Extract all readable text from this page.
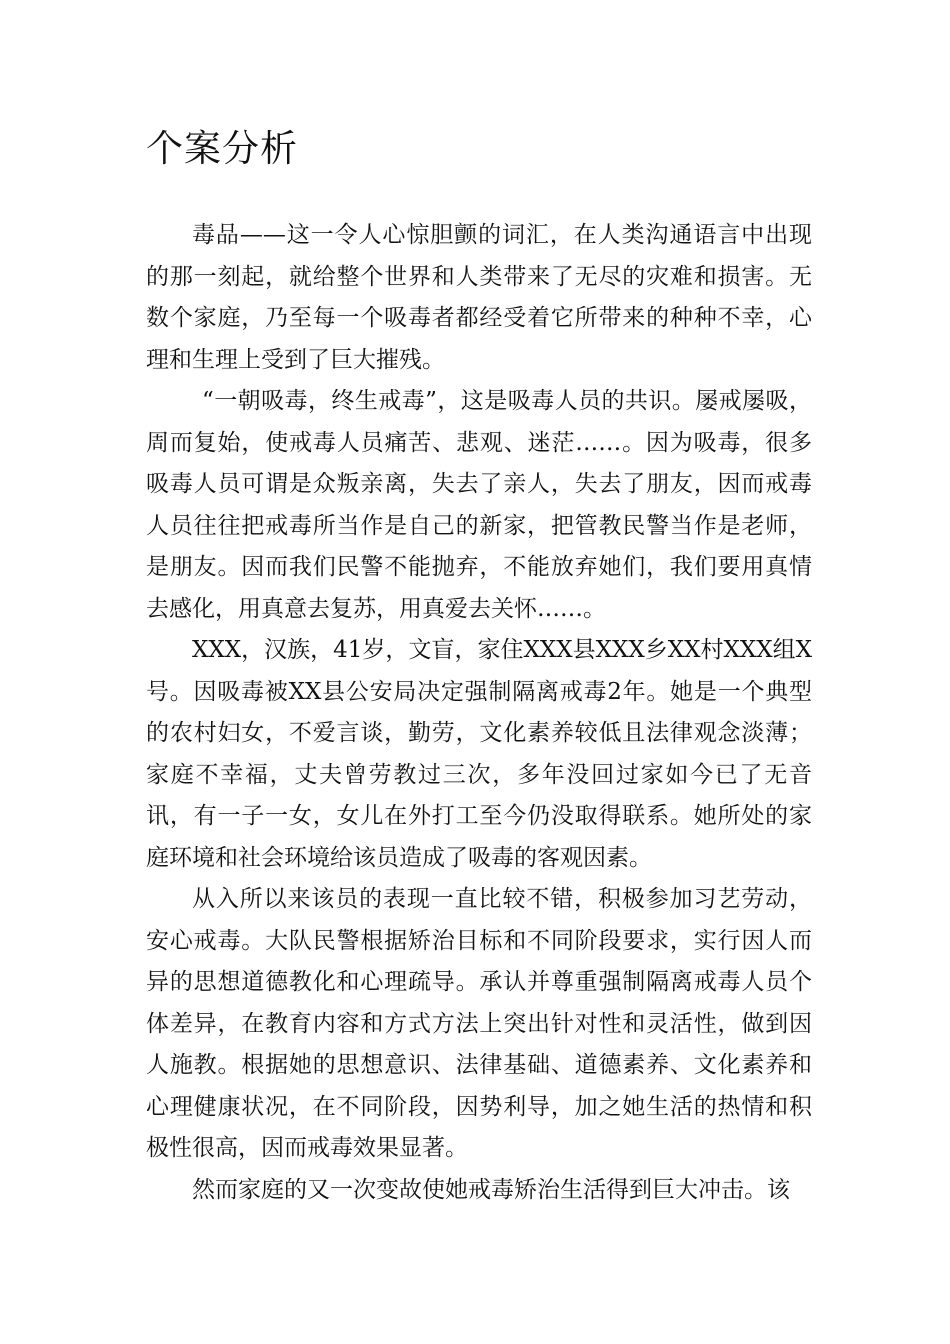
个案分析

毒品——这一令人心惊胆颤的词汇，在人类沟通语言中出现的那一刻起，就给整个世界和人类带来了无尽的灾难和损害。无数个家庭，乃至每一个吸毒者都经受着它所带来的种种不幸，心理和生理上受到了巨大摧残。

“一朝吸毒，终生戒毒”，这是吸毒人员的共识。屡戒屡吸，周而复始，使戒毒人员痛苦、悲观、迷茫……。因为吸毒，很多吸毒人员可谓是众叛亲离，失去了亲人，失去了朋友，因而戒毒人员往往把戒毒所当作是自己的新家，把管教民警当作是老师，是朋友。因而我们民警不能抛弃，不能放弃她们，我们要用真情去感化，用真意去复苏，用真爱去关怀……。

XXX，汉族，41岁，文盲，家住XXX县XXX乡XX村XXX组X号。因吸毒被XX县公安局决定强制隔离戒毒2年。她是一个典型的农村妇女，不爱言谈，勤劳，文化素养较低且法律观念淡薄；家庭不幸福，丈夫曾劳教过三次，多年没回过家如今已了无音讯，有一子一女，女儿在外打工至今仍没取得联系。她所处的家庭环境和社会环境给该员造成了吸毒的客观因素。

从入所以来该员的表现一直比较不错，积极参加习艺劳动，安心戒毒。大队民警根据矫治目标和不同阶段要求，实行因人而异的思想道德教化和心理疏导。承认并尊重强制隔离戒毒人员个体差异，在教育内容和方式方法上突出针对性和灵活性，做到因人施教。根据她的思想意识、法律基础、道德素养、文化素养和心理健康状况，在不同阶段，因势利导，加之她生活的热情和积极性很高，因而戒毒效果显著。

然而家庭的又一次变故使她戒毒矫治生活得到巨大冲击。该
